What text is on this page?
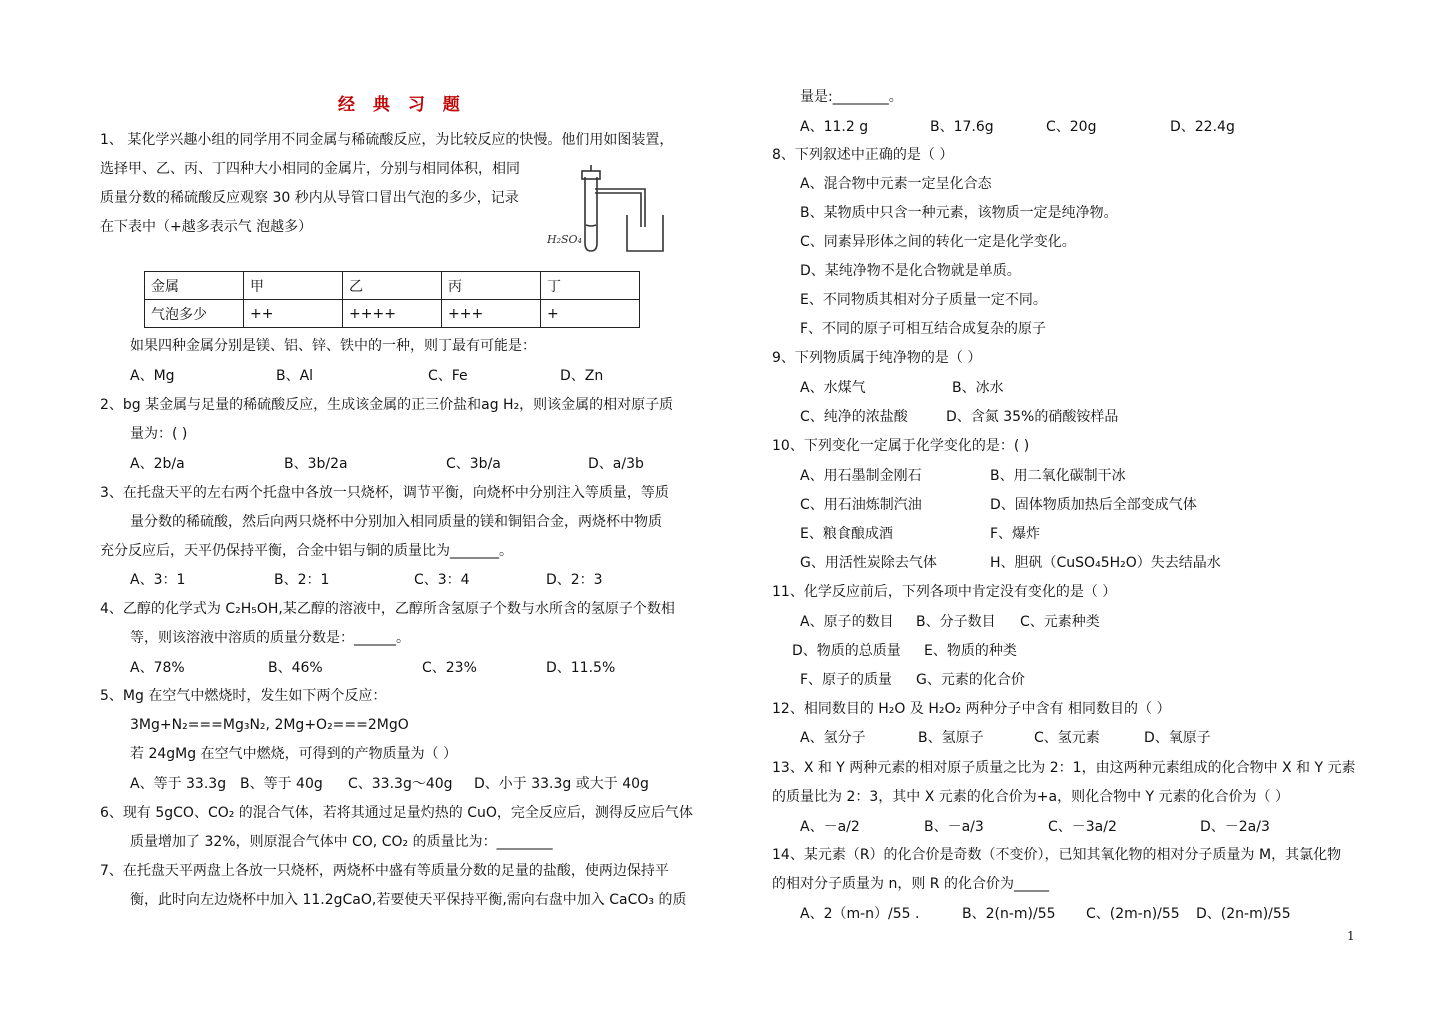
经 典 习 题
1、 某化学兴趣小组的同学用不同金属与稀硫酸反应，为比较反应的快慢。他们用如图装置，
选择甲、乙、丙、丁四种大小相同的金属片，分别与相同体积，相同
质量分数的稀硫酸反应观察 30 秒内从导管口冒出气泡的多少，记录
在下表中（+越多表示气 泡越多）
H₂SO₄
金属	甲	乙	丙	丁
气泡多少	++	++++	+++	+
如果四种金属分别是镁、铝、锌、铁中的一种，则丁最有可能是：
A、Mg	B、Al	C、Fe	D、Zn
2、bg 某金属与足量的稀硫酸反应，生成该金属的正三价盐和ag H₂，则该金属的相对原子质
量为：( )
A、2b/a	B、3b/2a	C、3b/a	D、a/3b
3、在托盘天平的左右两个托盘中各放一只烧杯，调节平衡，向烧杯中分别注入等质量，等质
量分数的稀硫酸，然后向两只烧杯中分别加入相同质量的镁和铜铝合金，两烧杯中物质
充分反应后，天平仍保持平衡，合金中铝与铜的质量比为_______。
A、3：1	B、2：1	C、3：4	D、2：3
4、乙醇的化学式为 C₂H₅OH,某乙醇的溶液中，乙醇所含氢原子个数与水所含的氢原子个数相
等，则该溶液中溶质的质量分数是：______。
A、78%	B、46%	C、23%	D、11.5%
5、Mg 在空气中燃烧时，发生如下两个反应：
3Mg+N₂===Mg₃N₂, 2Mg+O₂===2MgO
若 24gMg 在空气中燃烧，可得到的产物质量为（ ）
A、等于 33.3g B、等于 40g C、33.3g～40g D、小于 33.3g 或大于 40g
6、现有 5gCO、CO₂ 的混合气体，若将其通过足量灼热的 CuO，完全反应后，测得反应后气体
质量增加了 32%，则原混合气体中 CO, CO₂ 的质量比为：________
7、在托盘天平两盘上各放一只烧杯，两烧杯中盛有等质量分数的足量的盐酸，使两边保持平
衡，此时向左边烧杯中加入 11.2gCaO,若要使天平保持平衡,需向右盘中加入 CaCO₃ 的质
量是:________。
A、11.2 g	B、17.6g	C、20g	D、22.4g
8、下列叙述中正确的是（ ）
A、混合物中元素一定呈化合态
B、某物质中只含一种元素，该物质一定是纯净物。
C、同素异形体之间的转化一定是化学变化。
D、某纯净物不是化合物就是单质。
E、不同物质其相对分子质量一定不同。
F、不同的原子可相互结合成复杂的原子
9、下列物质属于纯净物的是（ ）
A、水煤气	B、冰水
C、纯净的浓盐酸	D、含氮 35%的硝酸铵样品
10、下列变化一定属于化学变化的是：( )
A、用石墨制金刚石	B、用二氧化碳制干冰
C、用石油炼制汽油	D、固体物质加热后全部变成气体
E、粮食酿成酒	F、爆炸
G、用活性炭除去气体	H、胆矾（CuSO₄5H₂O）失去结晶水
11、化学反应前后，下列各项中肯定没有变化的是（ ）
A、原子的数目 B、分子数目 C、元素种类
D、物质的总质量 E、物质的种类
F、原子的质量 G、元素的化合价
12、相同数目的 H₂O 及 H₂O₂ 两种分子中含有 相同数目的（ ）
A、氢分子	B、氢原子	C、氢元素	D、氧原子
13、X 和 Y 两种元素的相对原子质量之比为 2：1，由这两种元素组成的化合物中 X 和 Y 元素
的质量比为 2：3，其中 X 元素的化合价为+a，则化合物中 Y 元素的化合价为（ ）
A、－a/2	B、－a/3	C、－3a/2	D、－2a/3
14、某元素（R）的化合价是奇数（不变价），已知其氧化物的相对分子质量为 M，其氯化物
的相对分子质量为 n，则 R 的化合价为_____
A、2（m-n）/55 .	B、2(n-m)/55 C、(2m-n)/55 D、(2n-m)/55
1
